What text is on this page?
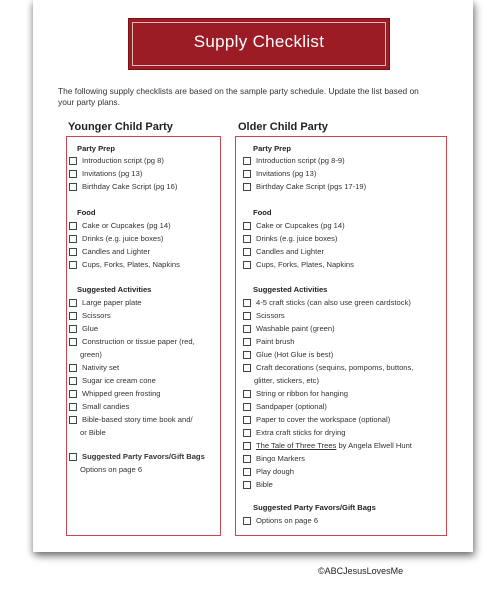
Supply Checklist
The following supply checklists are based on the sample party schedule. Update the list based on
your party plans.
Younger Child Party
Party Prep
Introduction script (pg 8)
Invitations (pg 13)
Birthday Cake Script (pg 16)
Food
Cake or Cupcakes (pg 14)
Drinks (e.g. juice boxes)
Candles and Lighter
Cups, Forks, Plates, Napkins
Suggested Activities
Large paper plate
Scissors
Glue
Construction or tissue paper (red,
green)
Nativity set
Sugar ice cream cone
Whipped green frosting
Small candies
Bible-based story time book and/
or Bible
Suggested Party Favors/Gift Bags
Options on page 6
Older Child Party
Party Prep
Introduction script (pg 8-9)
Invitations (pg 13)
Birthday Cake Script (pgs 17-19)
Food
Cake or Cupcakes (pg 14)
Drinks (e.g. juice boxes)
Candles and Lighter
Cups, Forks, Plates, Napkins
Suggested Activities
4-5 craft sticks (can also use green cardstock)
Scissors
Washable paint (green)
Paint brush
Glue (Hot Glue is best)
Craft decorations (sequins, pompoms, buttons,
glitter, stickers, etc)
String or ribbon for hanging
Sandpaper (optional)
Paper to cover the workspace (optional)
Extra craft sticks for drying
The Tale of Three Trees by Angela Elwell Hunt
Bingo Markers
Play dough
Bible
Suggested Party Favors/Gift Bags
Options on page 6
©ABCJesusLovesMe
